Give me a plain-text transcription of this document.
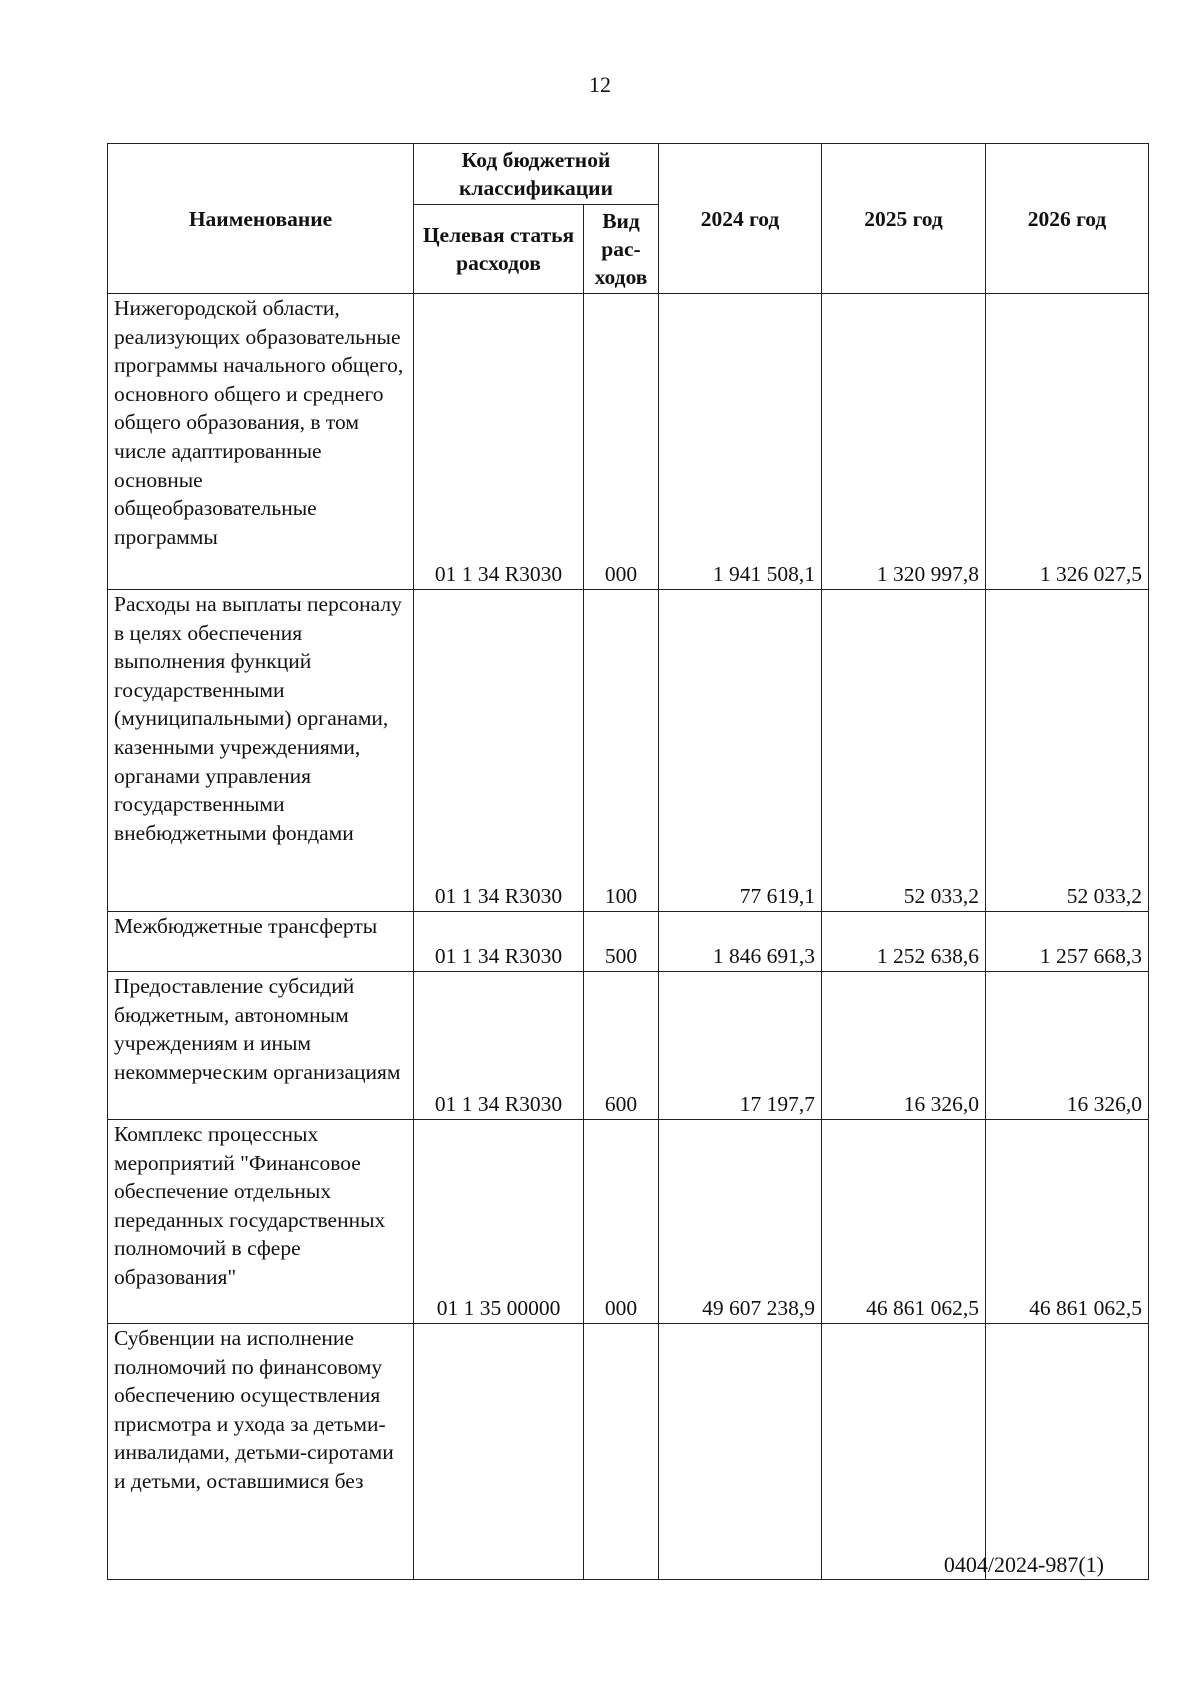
12
Наименование	Код бюджетной классификации		2024 год	2025 год	2026 год
	Целевая статья расходов	Вид рас-ходов			
Нижегородской области, реализующих образовательные программы начального общего, основного общего и среднего общего образования, в том числе адаптированные основные общеобразовательные программы	01 1 34 R3030	000	1 941 508,1	1 320 997,8	1 326 027,5
Расходы на выплаты персоналу в целях обеспечения выполнения функций государственными (муниципальными) органами, казенными учреждениями, органами управления государственными внебюджетными фондами	01 1 34 R3030	100	77 619,1	52 033,2	52 033,2
Межбюджетные трансферты	01 1 34 R3030	500	1 846 691,3	1 252 638,6	1 257 668,3
Предоставление субсидий бюджетным, автономным учреждениям и иным некоммерческим организациям	01 1 34 R3030	600	17 197,7	16 326,0	16 326,0
Комплекс процессных мероприятий "Финансовое обеспечение отдельных переданных государственных полномочий в сфере образования"	01 1 35 00000	000	49 607 238,9	46 861 062,5	46 861 062,5
Субвенции на исполнение полномочий по финансовому обеспечению осуществления присмотра и ухода за детьми-инвалидами, детьми-сиротами и детьми, оставшимися без					
0404/2024-987(1)
